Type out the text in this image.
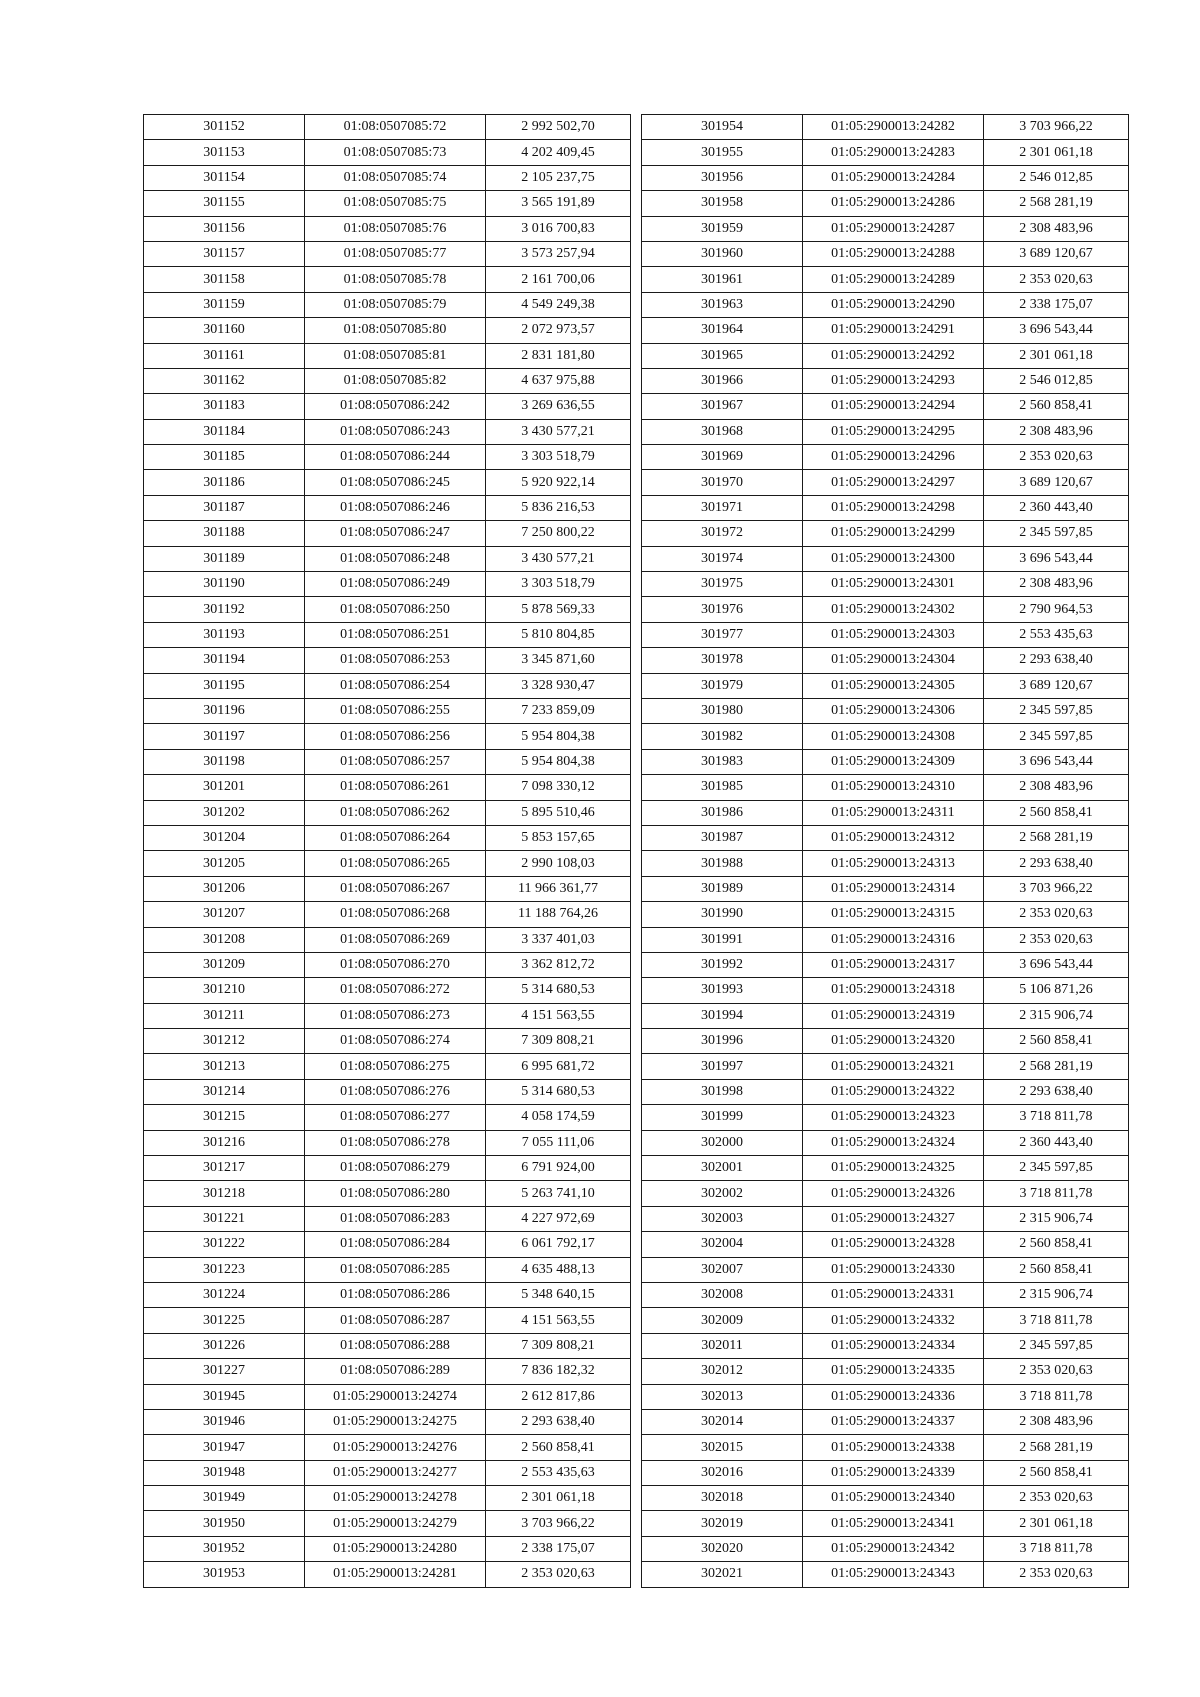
301152	01:08:0507085:72	2 992 502,70
301153	01:08:0507085:73	4 202 409,45
301154	01:08:0507085:74	2 105 237,75
301155	01:08:0507085:75	3 565 191,89
301156	01:08:0507085:76	3 016 700,83
301157	01:08:0507085:77	3 573 257,94
301158	01:08:0507085:78	2 161 700,06
301159	01:08:0507085:79	4 549 249,38
301160	01:08:0507085:80	2 072 973,57
301161	01:08:0507085:81	2 831 181,80
301162	01:08:0507085:82	4 637 975,88
301183	01:08:0507086:242	3 269 636,55
301184	01:08:0507086:243	3 430 577,21
301185	01:08:0507086:244	3 303 518,79
301186	01:08:0507086:245	5 920 922,14
301187	01:08:0507086:246	5 836 216,53
301188	01:08:0507086:247	7 250 800,22
301189	01:08:0507086:248	3 430 577,21
301190	01:08:0507086:249	3 303 518,79
301192	01:08:0507086:250	5 878 569,33
301193	01:08:0507086:251	5 810 804,85
301194	01:08:0507086:253	3 345 871,60
301195	01:08:0507086:254	3 328 930,47
301196	01:08:0507086:255	7 233 859,09
301197	01:08:0507086:256	5 954 804,38
301198	01:08:0507086:257	5 954 804,38
301201	01:08:0507086:261	7 098 330,12
301202	01:08:0507086:262	5 895 510,46
301204	01:08:0507086:264	5 853 157,65
301205	01:08:0507086:265	2 990 108,03
301206	01:08:0507086:267	11 966 361,77
301207	01:08:0507086:268	11 188 764,26
301208	01:08:0507086:269	3 337 401,03
301209	01:08:0507086:270	3 362 812,72
301210	01:08:0507086:272	5 314 680,53
301211	01:08:0507086:273	4 151 563,55
301212	01:08:0507086:274	7 309 808,21
301213	01:08:0507086:275	6 995 681,72
301214	01:08:0507086:276	5 314 680,53
301215	01:08:0507086:277	4 058 174,59
301216	01:08:0507086:278	7 055 111,06
301217	01:08:0507086:279	6 791 924,00
301218	01:08:0507086:280	5 263 741,10
301221	01:08:0507086:283	4 227 972,69
301222	01:08:0507086:284	6 061 792,17
301223	01:08:0507086:285	4 635 488,13
301224	01:08:0507086:286	5 348 640,15
301225	01:08:0507086:287	4 151 563,55
301226	01:08:0507086:288	7 309 808,21
301227	01:08:0507086:289	7 836 182,32
301945	01:05:2900013:24274	2 612 817,86
301946	01:05:2900013:24275	2 293 638,40
301947	01:05:2900013:24276	2 560 858,41
301948	01:05:2900013:24277	2 553 435,63
301949	01:05:2900013:24278	2 301 061,18
301950	01:05:2900013:24279	3 703 966,22
301952	01:05:2900013:24280	2 338 175,07
301953	01:05:2900013:24281	2 353 020,63
301954	01:05:2900013:24282	3 703 966,22
301955	01:05:2900013:24283	2 301 061,18
301956	01:05:2900013:24284	2 546 012,85
301958	01:05:2900013:24286	2 568 281,19
301959	01:05:2900013:24287	2 308 483,96
301960	01:05:2900013:24288	3 689 120,67
301961	01:05:2900013:24289	2 353 020,63
301963	01:05:2900013:24290	2 338 175,07
301964	01:05:2900013:24291	3 696 543,44
301965	01:05:2900013:24292	2 301 061,18
301966	01:05:2900013:24293	2 546 012,85
301967	01:05:2900013:24294	2 560 858,41
301968	01:05:2900013:24295	2 308 483,96
301969	01:05:2900013:24296	2 353 020,63
301970	01:05:2900013:24297	3 689 120,67
301971	01:05:2900013:24298	2 360 443,40
301972	01:05:2900013:24299	2 345 597,85
301974	01:05:2900013:24300	3 696 543,44
301975	01:05:2900013:24301	2 308 483,96
301976	01:05:2900013:24302	2 790 964,53
301977	01:05:2900013:24303	2 553 435,63
301978	01:05:2900013:24304	2 293 638,40
301979	01:05:2900013:24305	3 689 120,67
301980	01:05:2900013:24306	2 345 597,85
301982	01:05:2900013:24308	2 345 597,85
301983	01:05:2900013:24309	3 696 543,44
301985	01:05:2900013:24310	2 308 483,96
301986	01:05:2900013:24311	2 560 858,41
301987	01:05:2900013:24312	2 568 281,19
301988	01:05:2900013:24313	2 293 638,40
301989	01:05:2900013:24314	3 703 966,22
301990	01:05:2900013:24315	2 353 020,63
301991	01:05:2900013:24316	2 353 020,63
301992	01:05:2900013:24317	3 696 543,44
301993	01:05:2900013:24318	5 106 871,26
301994	01:05:2900013:24319	2 315 906,74
301996	01:05:2900013:24320	2 560 858,41
301997	01:05:2900013:24321	2 568 281,19
301998	01:05:2900013:24322	2 293 638,40
301999	01:05:2900013:24323	3 718 811,78
302000	01:05:2900013:24324	2 360 443,40
302001	01:05:2900013:24325	2 345 597,85
302002	01:05:2900013:24326	3 718 811,78
302003	01:05:2900013:24327	2 315 906,74
302004	01:05:2900013:24328	2 560 858,41
302007	01:05:2900013:24330	2 560 858,41
302008	01:05:2900013:24331	2 315 906,74
302009	01:05:2900013:24332	3 718 811,78
302011	01:05:2900013:24334	2 345 597,85
302012	01:05:2900013:24335	2 353 020,63
302013	01:05:2900013:24336	3 718 811,78
302014	01:05:2900013:24337	2 308 483,96
302015	01:05:2900013:24338	2 568 281,19
302016	01:05:2900013:24339	2 560 858,41
302018	01:05:2900013:24340	2 353 020,63
302019	01:05:2900013:24341	2 301 061,18
302020	01:05:2900013:24342	3 718 811,78
302021	01:05:2900013:24343	2 353 020,63
